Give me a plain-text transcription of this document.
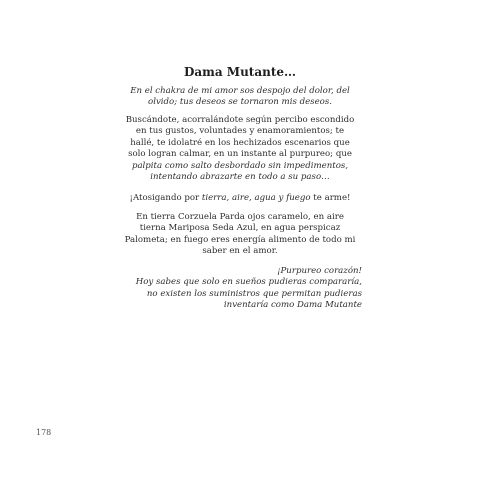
Dama Mutante…
En el chakra de mi amor sos despojo del dolor, del
olvido; tus deseos se tornaron mis deseos.
Buscándote, acorralándote según percibo escondido
en tus gustos, voluntades y enamoramientos; te
hallé, te idolatré en los hechizados escenarios que
solo logran calmar, en un instante al purpureo; que
palpita como salto desbordado sin impedimentos,
intentando abrazarte en todo a su paso…
¡Atosigando por tierra, aire, agua y fuego te arme!
En tierra Corzuela Parda ojos caramelo, en aire
tierna Mariposa Seda Azul, en agua perspicaz
Palometa; en fuego eres energía alimento de todo mi
saber en el amor.
¡Purpureo corazón!
Hoy sabes que solo en sueños pudieras compararía,
no existen los suministros que permitan pudieras
inventaría como Dama Mutante
178
